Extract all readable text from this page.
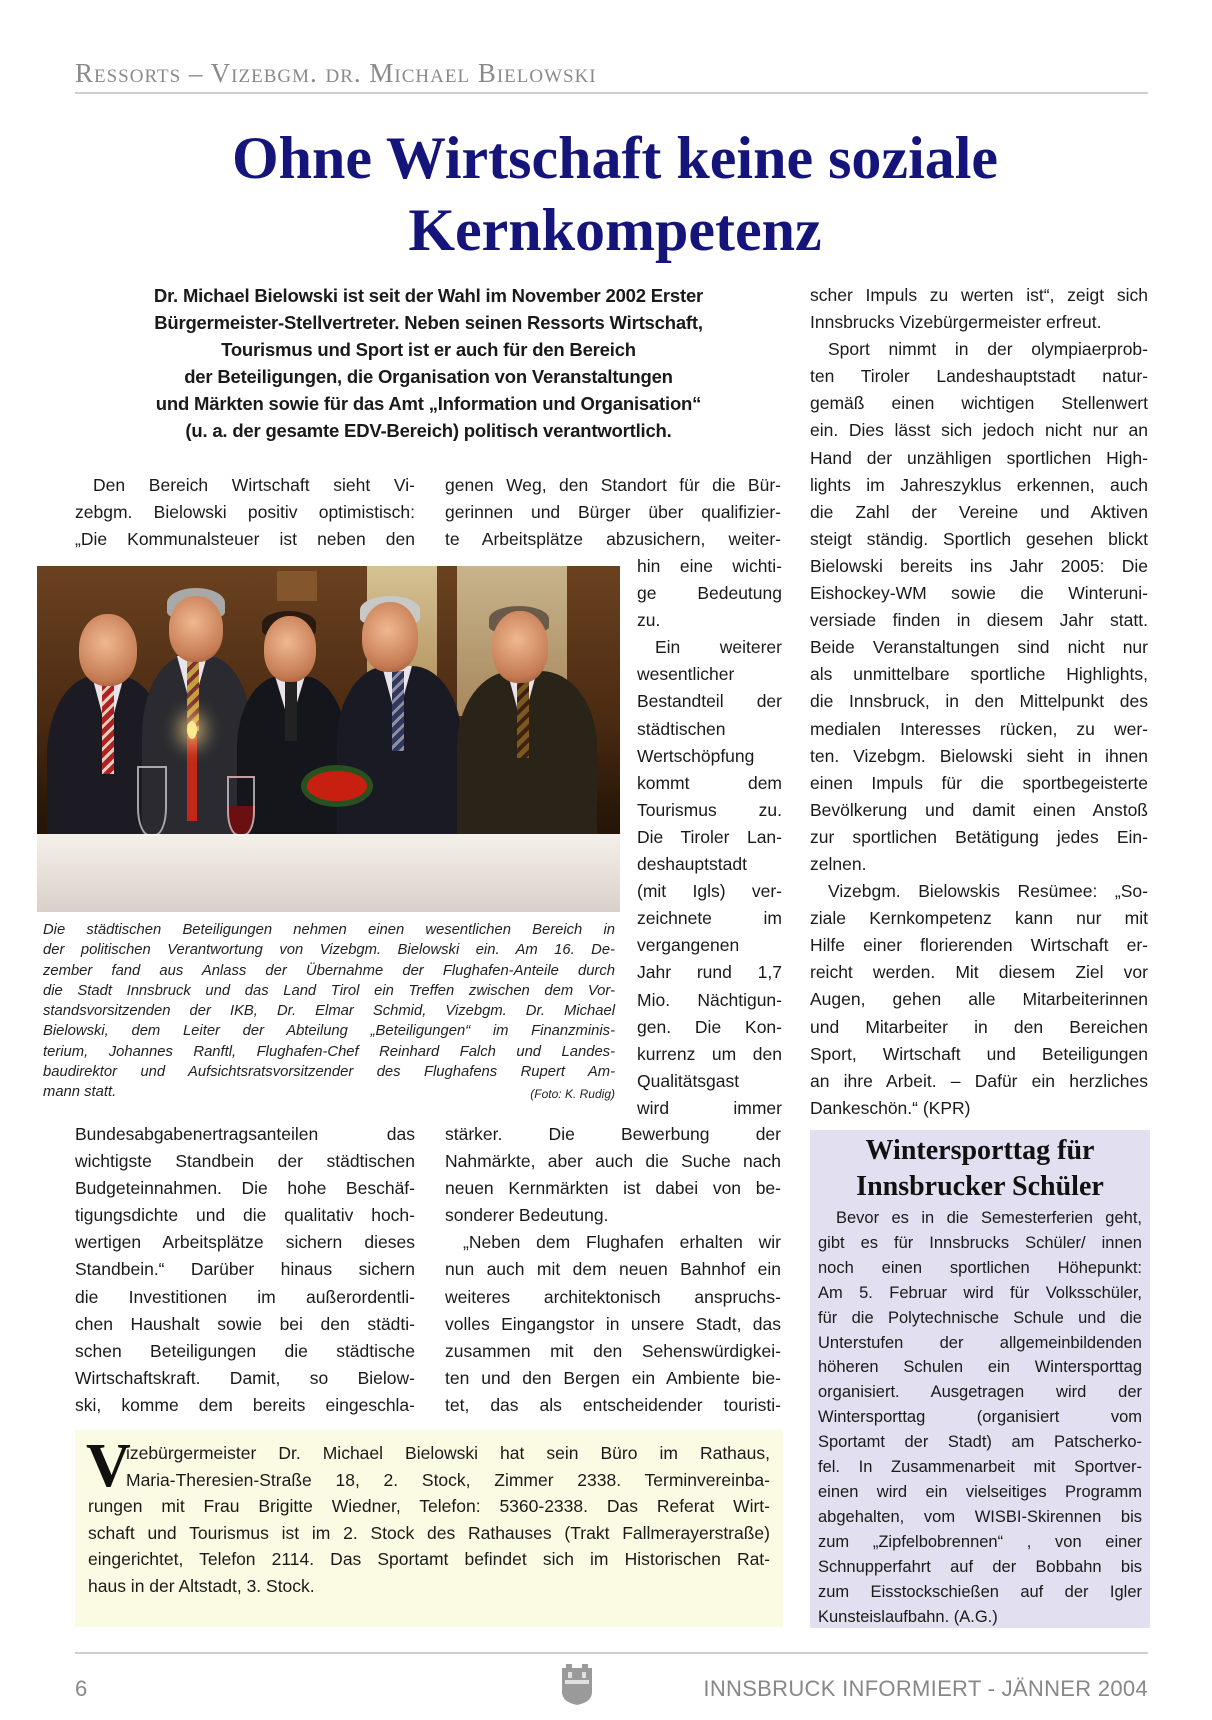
Ressorts – Vizebgm. dr. Michael Bielowski
Ohne Wirtschaft keine soziale
Kernkompetenz
Dr. Michael Bielowski ist seit der Wahl im November 2002 Erster
Bürgermeister-Stellvertreter. Neben seinen Ressorts Wirtschaft,
Tourismus und Sport ist er auch für den Bereich
der Beteiligungen, die Organisation von Veranstaltungen
und Märkten sowie für das Amt „Information und Organisation“
(u. a. der gesamte EDV-Bereich) politisch verantwortlich.
Den Bereich Wirtschaft sieht Vi-
zebgm. Bielowski positiv optimistisch:
„Die Kommunalsteuer ist neben den
genen Weg, den Standort für die Bür-
gerinnen und Bürger über qualifizier-
te Arbeitsplätze abzusichern, weiter-
hin eine wichti-
ge Bedeutung
zu.
Ein weiterer
wesentlicher
Bestandteil der
städtischen
Wertschöpfung
kommt dem
Tourismus zu.
Die Tiroler Lan-
deshauptstadt
(mit Igls) ver-
zeichnete im
vergangenen
Jahr rund 1,7
Mio. Nächtigun-
gen. Die Kon-
kurrenz um den
Qualitätsgast
wird immer
Bundesabgabenertragsanteilen das
wichtigste Standbein der städtischen
Budgeteinnahmen. Die hohe Beschäf-
tigungsdichte und die qualitativ hoch-
wertigen Arbeitsplätze sichern dieses
Standbein.“ Darüber hinaus sichern
die Investitionen im außerordentli-
chen Haushalt sowie bei den städti-
schen Beteiligungen die städtische
Wirtschaftskraft. Damit, so Bielow-
ski, komme dem bereits eingeschla-
stärker. Die Bewerbung der
Nahmärkte, aber auch die Suche nach
neuen Kernmärkten ist dabei von be-
sonderer Bedeutung.
„Neben dem Flughafen erhalten wir
nun auch mit dem neuen Bahnhof ein
weiteres architektonisch anspruchs-
volles Eingangstor in unsere Stadt, das
zusammen mit den Sehenswürdigkei-
ten und den Bergen ein Ambiente bie-
tet, das als entscheidender touristi-
scher Impuls zu werten ist“, zeigt sich
Innsbrucks Vizebürgermeister erfreut.
Sport nimmt in der olympiaerprob-
ten Tiroler Landeshauptstadt natur-
gemäß einen wichtigen Stellenwert
ein. Dies lässt sich jedoch nicht nur an
Hand der unzähligen sportlichen High-
lights im Jahreszyklus erkennen, auch
die Zahl der Vereine und Aktiven
steigt ständig. Sportlich gesehen blickt
Bielowski bereits ins Jahr 2005: Die
Eishockey-WM sowie die Winteruni-
versiade finden in diesem Jahr statt.
Beide Veranstaltungen sind nicht nur
als unmittelbare sportliche Highlights,
die Innsbruck, in den Mittelpunkt des
medialen Interesses rücken, zu wer-
ten. Vizebgm. Bielowski sieht in ihnen
einen Impuls für die sportbegeisterte
Bevölkerung und damit einen Anstoß
zur sportlichen Betätigung jedes Ein-
zelnen.
Vizebgm. Bielowskis Resümee: „So-
ziale Kernkompetenz kann nur mit
Hilfe einer florierenden Wirtschaft er-
reicht werden. Mit diesem Ziel vor
Augen, gehen alle Mitarbeiterinnen
und Mitarbeiter in den Bereichen
Sport, Wirtschaft und Beteiligungen
an ihre Arbeit. – Dafür ein herzliches
Dankeschön.“ (KPR)
Die städtischen Beteiligungen nehmen einen wesentlichen Bereich in
der politischen Verantwortung von Vizebgm. Bielowski ein. Am 16. De-
zember fand aus Anlass der Übernahme der Flughafen-Anteile durch
die Stadt Innsbruck und das Land Tirol ein Treffen zwischen dem Vor-
standsvorsitzenden der IKB, Dr. Elmar Schmid, Vizebgm. Dr. Michael
Bielowski, dem Leiter der Abteilung „Beteiligungen“ im Finanzminis-
terium, Johannes Ranftl, Flughafen-Chef Reinhard Falch und Landes-
baudirektor und Aufsichtsratsvorsitzender des Flughafens Rupert Am-
mann statt.	(Foto: K. Rudig)
V
izebürgermeister Dr. Michael Bielowski hat sein Büro im Rathaus,
Maria-Theresien-Straße 18, 2. Stock, Zimmer 2338. Terminvereinba-
rungen mit Frau Brigitte Wiedner, Telefon: 5360-2338. Das Referat Wirt-
schaft und Tourismus ist im 2. Stock des Rathauses (Trakt Fallmerayerstraße)
eingerichtet, Telefon 2114. Das Sportamt befindet sich im Historischen Rat-
haus in der Altstadt, 3. Stock.
Wintersporttag für
Innsbrucker Schüler
Bevor es in die Semesterferien geht,
gibt es für Innsbrucks Schüler/ innen
noch einen sportlichen Höhepunkt:
Am 5. Februar wird für Volksschüler,
für die Polytechnische Schule und die
Unterstufen der allgemeinbildenden
höheren Schulen ein Wintersporttag
organisiert. Ausgetragen wird der
Wintersporttag (organisiert vom
Sportamt der Stadt) am Patscherko-
fel. In Zusammenarbeit mit Sportver-
einen wird ein vielseitiges Programm
abgehalten, vom WISBI-Skirennen bis
zum „Zipfelbobrennen“ , von einer
Schnupperfahrt auf der Bobbahn bis
zum Eisstockschießen auf der Igler
Kunsteislaufbahn. (A.G.)
6	INNSBRUCK INFORMIERT - JÄNNER 2004
